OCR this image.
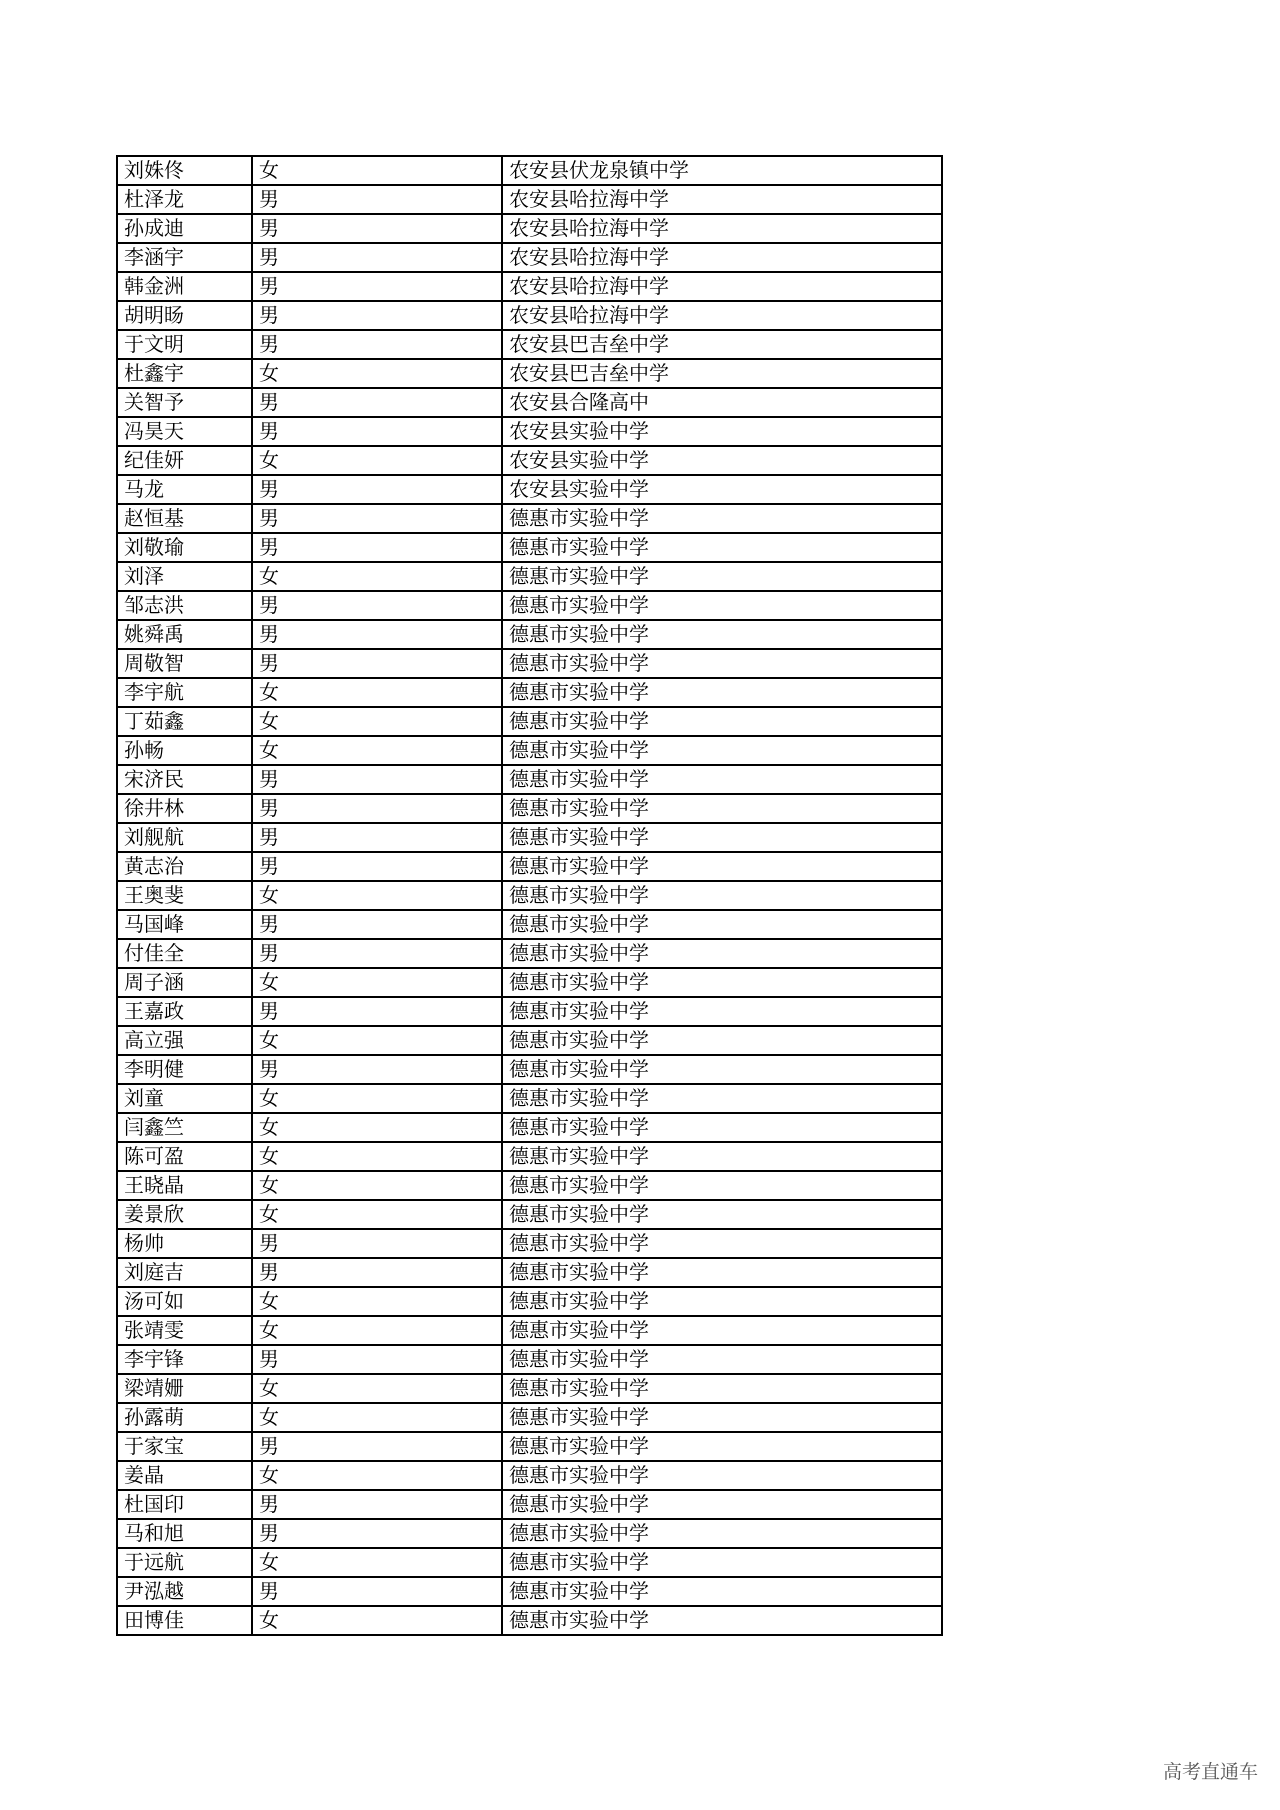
刘姝佟	女	农安县伏龙泉镇中学
杜泽龙	男	农安县哈拉海中学
孙成迪	男	农安县哈拉海中学
李涵宇	男	农安县哈拉海中学
韩金洲	男	农安县哈拉海中学
胡明旸	男	农安县哈拉海中学
于文明	男	农安县巴吉垒中学
杜鑫宇	女	农安县巴吉垒中学
关智予	男	农安县合隆高中
冯昊天	男	农安县实验中学
纪佳妍	女	农安县实验中学
马龙	男	农安县实验中学
赵恒基	男	德惠市实验中学
刘敬瑜	男	德惠市实验中学
刘泽	女	德惠市实验中学
邹志洪	男	德惠市实验中学
姚舜禹	男	德惠市实验中学
周敬智	男	德惠市实验中学
李宇航	女	德惠市实验中学
丁茹鑫	女	德惠市实验中学
孙畅	女	德惠市实验中学
宋济民	男	德惠市实验中学
徐井林	男	德惠市实验中学
刘舰航	男	德惠市实验中学
黄志治	男	德惠市实验中学
王奥斐	女	德惠市实验中学
马国峰	男	德惠市实验中学
付佳全	男	德惠市实验中学
周子涵	女	德惠市实验中学
王嘉政	男	德惠市实验中学
高立强	女	德惠市实验中学
李明健	男	德惠市实验中学
刘童	女	德惠市实验中学
闫鑫竺	女	德惠市实验中学
陈可盈	女	德惠市实验中学
王晓晶	女	德惠市实验中学
姜景欣	女	德惠市实验中学
杨帅	男	德惠市实验中学
刘庭吉	男	德惠市实验中学
汤可如	女	德惠市实验中学
张靖雯	女	德惠市实验中学
李宇锋	男	德惠市实验中学
梁靖姗	女	德惠市实验中学
孙露萌	女	德惠市实验中学
于家宝	男	德惠市实验中学
姜晶	女	德惠市实验中学
杜国印	男	德惠市实验中学
马和旭	男	德惠市实验中学
于远航	女	德惠市实验中学
尹泓越	男	德惠市实验中学
田博佳	女	德惠市实验中学
高考直通车
